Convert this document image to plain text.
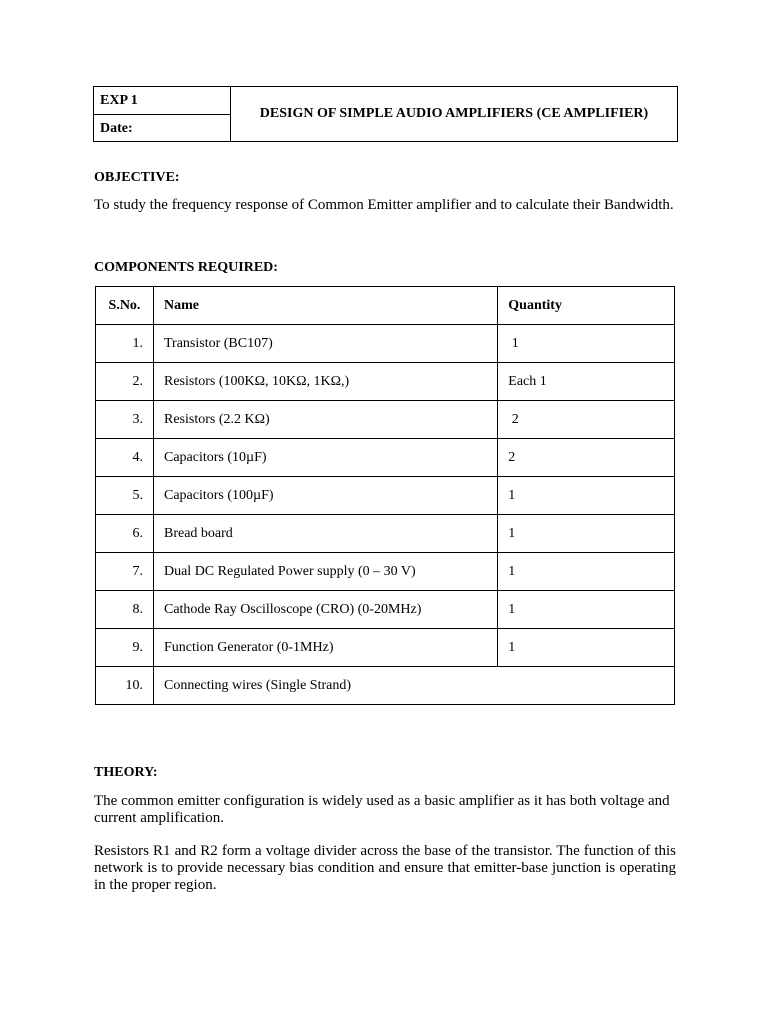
EXP 1
Date:
DESIGN OF SIMPLE AUDIO AMPLIFIERS (CE AMPLIFIER)
OBJECTIVE:
To study the frequency response of Common Emitter amplifier and to calculate their Bandwidth.
COMPONENTS REQUIRED:
S.No.	Name	Quantity
1.	Transistor (BC107)	1
2.	Resistors (100KΩ, 10KΩ, 1KΩ,)	Each 1
3.	Resistors (2.2 KΩ)	2
4.	Capacitors (10µF)	2
5.	Capacitors (100µF)	1
6.	Bread board	1
7.	Dual DC Regulated Power supply (0 – 30 V)	1
8.	Cathode Ray Oscilloscope (CRO) (0-20MHz)	1
9.	Function Generator (0-1MHz)	1
10.	Connecting wires (Single Strand)	
THEORY:
The common emitter configuration is widely used as a basic amplifier as it has both voltage and current amplification.
Resistors R1 and R2 form a voltage divider across the base of the transistor. The function of this network is to provide necessary bias condition and ensure that emitter-base junction is operating in the proper region.
